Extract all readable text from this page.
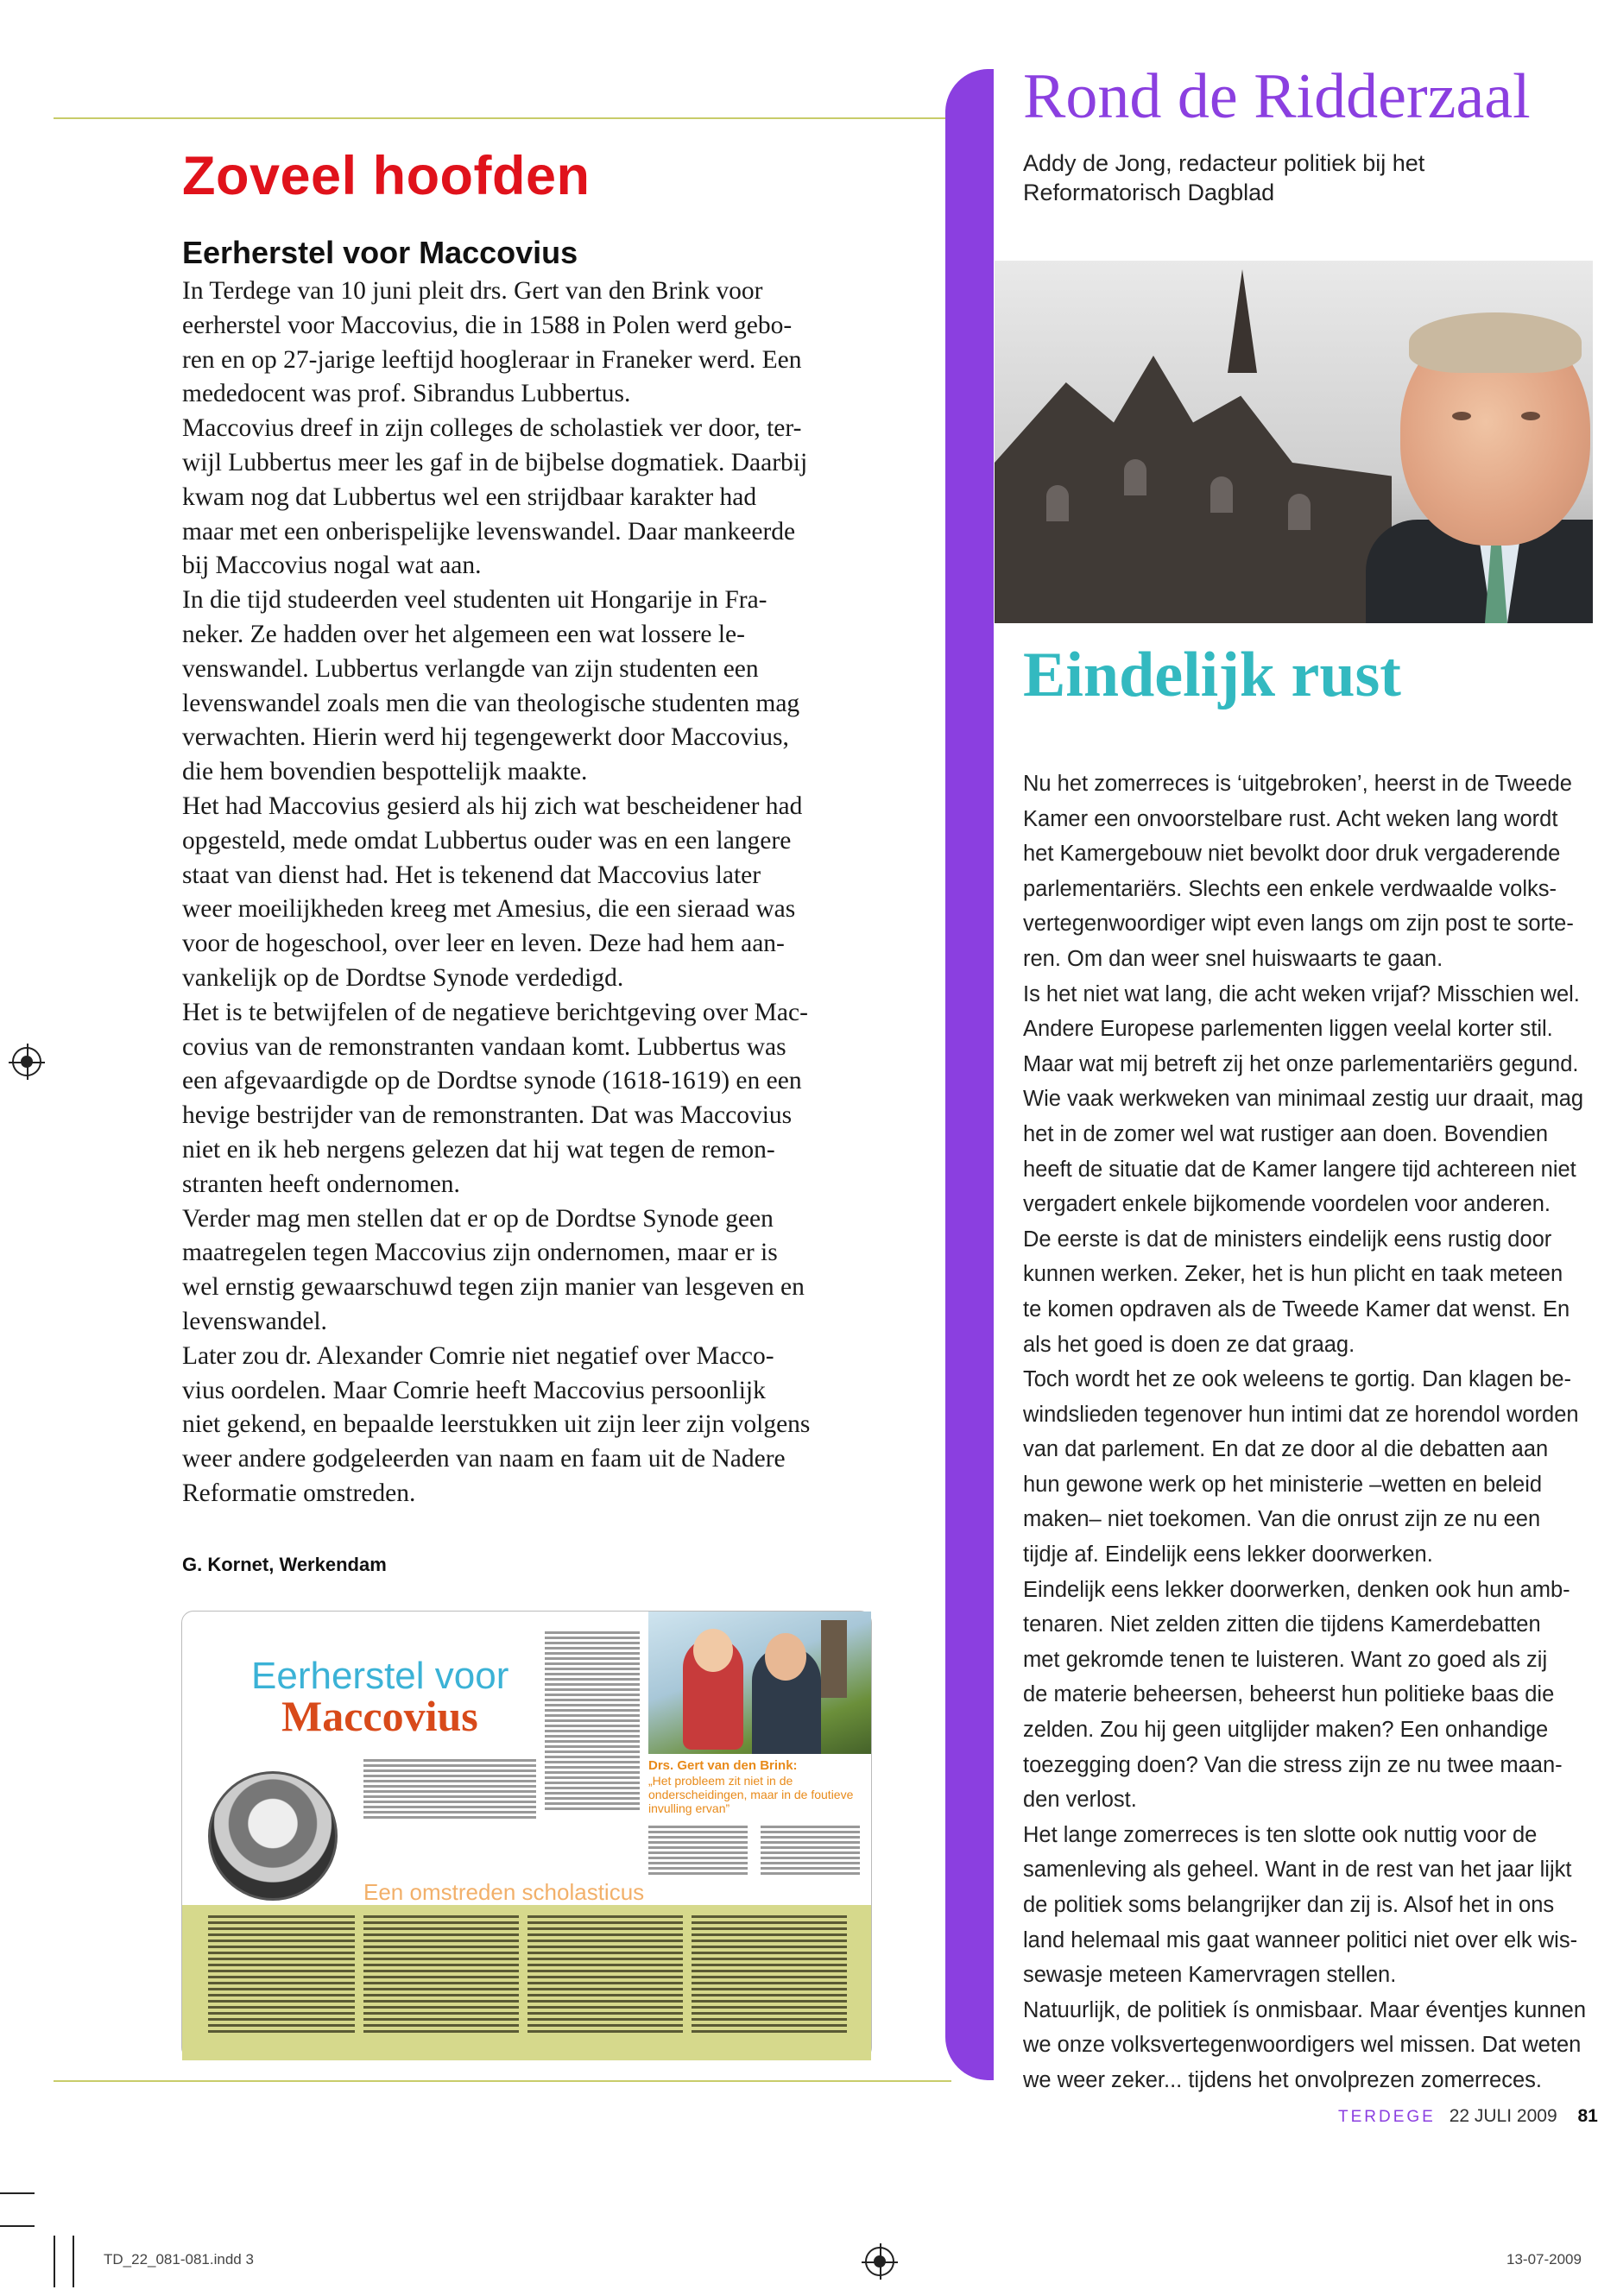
Zoveel hoofden
Eerherstel voor Maccovius
In Terdege van 10 juni pleit drs. Gert van den Brink voor
eerherstel voor Maccovius, die in 1588 in Polen werd gebo-
ren en op 27-jarige leeftijd hoogleraar in Franeker werd. Een
mededocent was prof. Sibrandus Lubbertus.
Maccovius dreef in zijn colleges de scholastiek ver door, ter-
wijl Lubbertus meer les gaf in de bijbelse dogmatiek. Daarbij
kwam nog dat Lubbertus wel een strijdbaar karakter had
maar met een onberispelijke levenswandel. Daar mankeerde
bij Maccovius nogal wat aan.
In die tijd studeerden veel studenten uit Hongarije in Fra-
neker. Ze hadden over het algemeen een wat lossere le-
venswandel. Lubbertus verlangde van zijn studenten een
levenswandel zoals men die van theologische studenten mag
verwachten. Hierin werd hij tegengewerkt door Maccovius,
die hem bovendien bespottelijk maakte.
Het had Maccovius gesierd als hij zich wat bescheidener had
opgesteld, mede omdat Lubbertus ouder was en een langere
staat van dienst had. Het is tekenend dat Maccovius later
weer moeilijkheden kreeg met Amesius, die een sieraad was
voor de hogeschool, over leer en leven. Deze had hem aan-
vankelijk op de Dordtse Synode verdedigd.
Het is te betwijfelen of de negatieve berichtgeving over Mac-
covius van de remonstranten vandaan komt. Lubbertus was
een afgevaardigde op de Dordtse synode (1618-1619) en een
hevige bestrijder van de remonstranten. Dat was Maccovius
niet en ik heb nergens gelezen dat hij wat tegen de remon-
stranten heeft ondernomen.
Verder mag men stellen dat er op de Dordtse Synode geen
maatregelen tegen Maccovius zijn ondernomen, maar er is
wel ernstig gewaarschuwd tegen zijn manier van lesgeven en
levenswandel.
Later zou dr. Alexander Comrie niet negatief over Macco-
vius oordelen. Maar Comrie heeft Maccovius persoonlijk
niet gekend, en bepaalde leerstukken uit zijn leer zijn volgens
weer andere godgeleerden van naam en faam uit de Nadere
Reformatie omstreden.
G. Kornet, Werkendam
Eerherstel voor
Maccovius
Een omstreden scholasticus
Drs. Gert van den Brink:
„Het probleem zit niet in de onderscheidingen, maar in de foutieve invulling ervan”
Rond de Ridderzaal
Addy de Jong, redacteur politiek bij het
Reformatorisch Dagblad
Eindelijk rust
Nu het zomerreces is ‘uitgebroken’, heerst in de Tweede
Kamer een onvoorstelbare rust. Acht weken lang wordt
het Kamergebouw niet bevolkt door druk vergaderende
parlementariërs. Slechts een enkele verdwaalde volks-
vertegenwoordiger wipt even langs om zijn post te sorte-
ren. Om dan weer snel huiswaarts te gaan.
Is het niet wat lang, die acht weken vrijaf? Misschien wel.
Andere Europese parlementen liggen veelal korter stil.
Maar wat mij betreft zij het onze parlementariërs gegund.
Wie vaak werkweken van minimaal zestig uur draait, mag
het in de zomer wel wat rustiger aan doen. Bovendien
heeft de situatie dat de Kamer langere tijd achtereen niet
vergadert enkele bijkomende voordelen voor anderen.
De eerste is dat de ministers eindelijk eens rustig door
kunnen werken. Zeker, het is hun plicht en taak meteen
te komen opdraven als de Tweede Kamer dat wenst. En
als het goed is doen ze dat graag.
Toch wordt het ze ook weleens te gortig. Dan klagen be-
windslieden tegenover hun intimi dat ze horendol worden
van dat parlement. En dat ze door al die debatten aan
hun gewone werk op het ministerie –wetten en beleid
maken– niet toekomen. Van die onrust zijn ze nu een
tijdje af. Eindelijk eens lekker doorwerken.
Eindelijk eens lekker doorwerken, denken ook hun amb-
tenaren. Niet zelden zitten die tijdens Kamerdebatten
met gekromde tenen te luisteren. Want zo goed als zij
de materie beheersen, beheerst hun politieke baas die
zelden. Zou hij geen uitglijder maken? Een onhandige
toezegging doen? Van die stress zijn ze nu twee maan-
den verlost.
Het lange zomerreces is ten slotte ook nuttig voor de
samenleving als geheel. Want in de rest van het jaar lijkt
de politiek soms belangrijker dan zij is. Alsof het in ons
land helemaal mis gaat wanneer politici niet over elk wis-
sewasje meteen Kamervragen stellen.
Natuurlijk, de politiek ís onmisbaar. Maar éventjes kunnen
we onze volksvertegenwoordigers wel missen. Dat weten
we weer zeker... tijdens het onvolprezen zomerreces.
TERDEGE 22 JULI 2009 81
TD_22_081-081.indd 3	13-07-2009
